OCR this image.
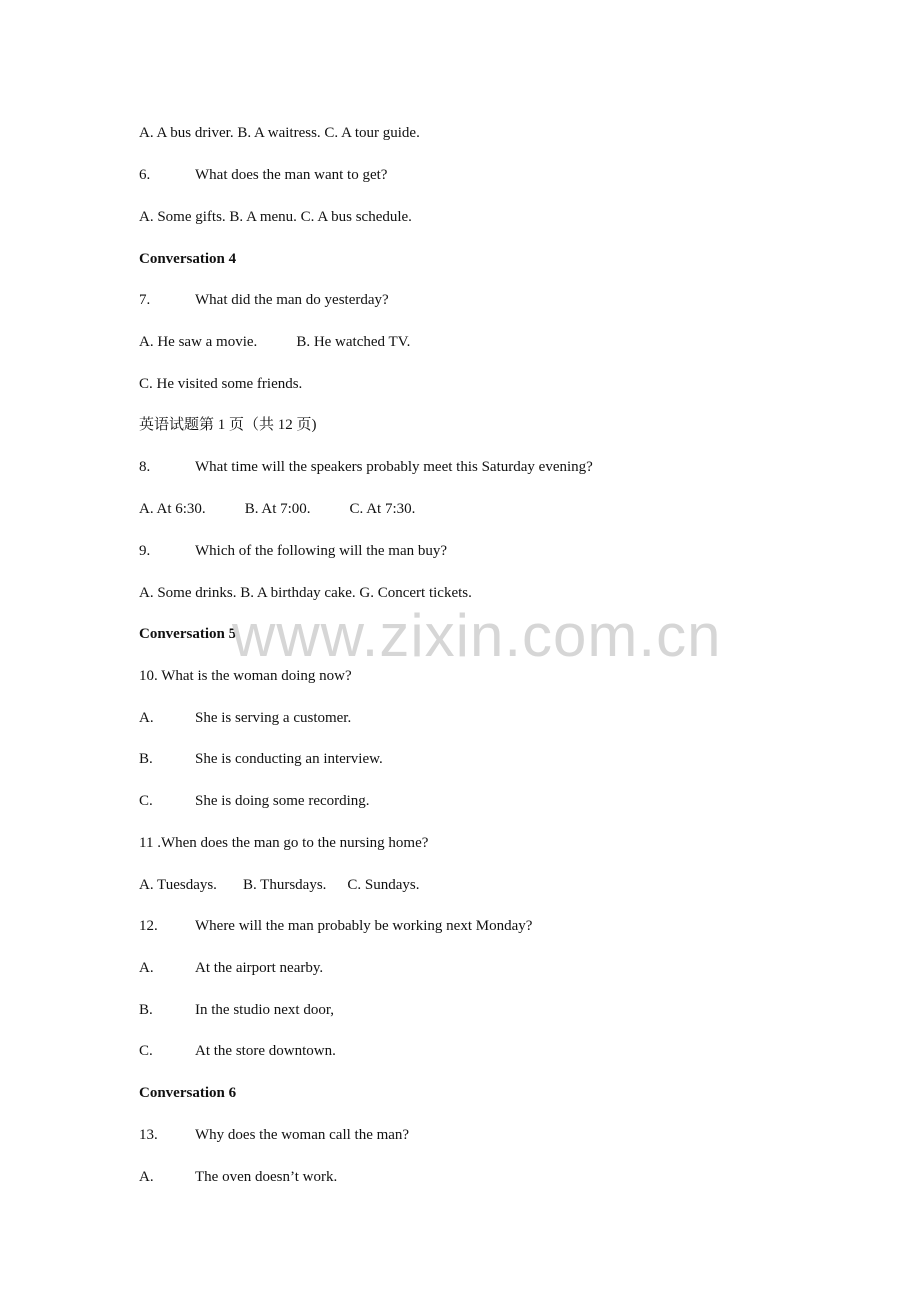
A. A bus driver. B. A waitress. C. A tour guide.
6.	What does the man want to get?
A. Some gifts. B. A menu. C. A bus schedule.
Conversation 4
7.	What did the man do yesterday?
A. He saw a movie.	B. He watched TV.
C. He visited some friends.
英语试题第 1 页（共 12 页)
8.	What time will the speakers probably meet this Saturday evening?
A. At 6:30.	B. At 7:00.	C. At 7:30.
9.	Which of the following will the man buy?
A. Some drinks. B. A birthday cake. G. Concert tickets.
Conversation 5
10. What is the woman doing now?
A.	She is serving a customer.
B.	She is conducting an interview.
C.	She is doing some recording.
11 .When does the man go to the nursing home?
A. Tuesdays. B. Thursdays. C. Sundays.
12. Where will the man probably be working next Monday?
A.	At the airport nearby.
B.	In the studio next door,
C.	At the store downtown.
Conversation 6
13. Why does the woman call the man?
A.	The oven doesn’t work.
www.zixin.com.cn
